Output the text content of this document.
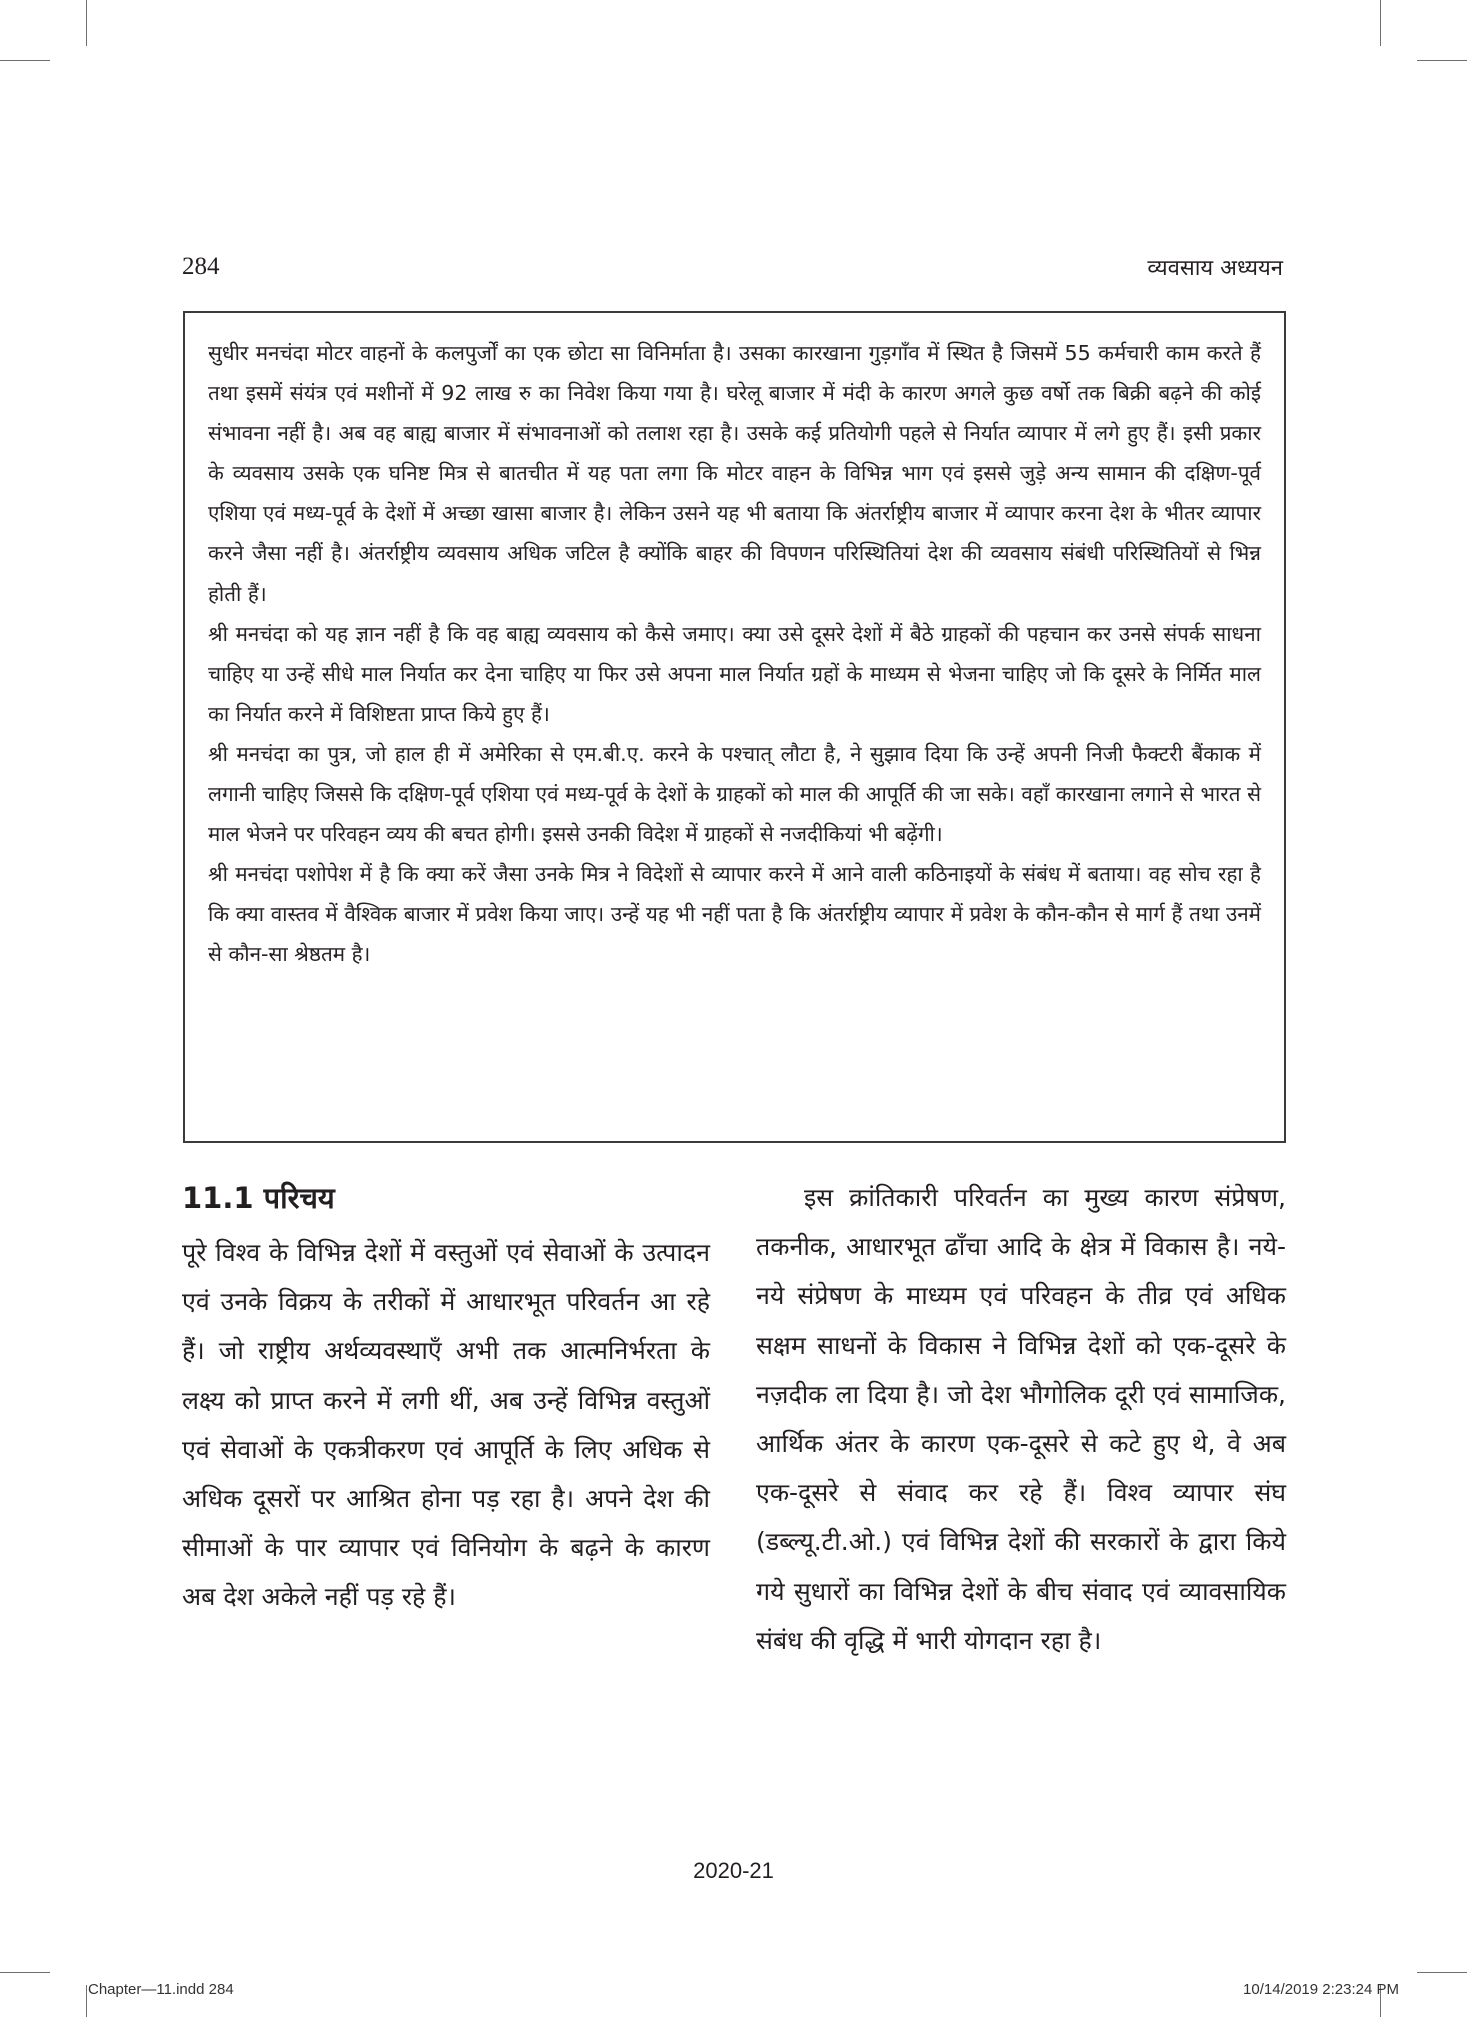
284	व्यवसाय अध्ययन

सुधीर मनचंदा मोटर वाहनों के कलपुर्जों का एक छोटा सा विनिर्माता है। उसका कारखाना गुड़गाँव में स्थित है जिसमें 55 कर्मचारी काम करते हैं तथा इसमें संयंत्र एवं मशीनों में 92 लाख रु का निवेश किया गया है। घरेलू बाजार में मंदी के कारण अगले कुछ वर्षो तक बिक्री बढ़ने की कोई संभावना नहीं है। अब वह बाह्य बाजार में संभावनाओं को तलाश रहा है। उसके कई प्रतियोगी पहले से निर्यात व्यापार में लगे हुए हैं। इसी प्रकार के व्यवसाय उसके एक घनिष्ट मित्र से बातचीत में यह पता लगा कि मोटर वाहन के विभिन्न भाग एवं इससे जुड़े अन्य सामान की दक्षिण-पूर्व एशिया एवं मध्य-पूर्व के देशों में अच्छा खासा बाजार है। लेकिन उसने यह भी बताया कि अंतर्राष्ट्रीय बाजार में व्यापार करना देश के भीतर व्यापार करने जैसा नहीं है। अंतर्राष्ट्रीय व्यवसाय अधिक जटिल है क्योंकि बाहर की विपणन परिस्थितियां देश की व्यवसाय संबंधी परिस्थितियों से भिन्न होती हैं।

श्री मनचंदा को यह ज्ञान नहीं है कि वह बाह्य व्यवसाय को कैसे जमाए। क्या उसे दूसरे देशों में बैठे ग्राहकों की पहचान कर उनसे संपर्क साधना चाहिए या उन्हें सीधे माल निर्यात कर देना चाहिए या फिर उसे अपना माल निर्यात ग्रहों के माध्यम से भेजना चाहिए जो कि दूसरे के निर्मित माल का निर्यात करने में विशिष्टता प्राप्त किये हुए हैं।

श्री मनचंदा का पुत्र, जो हाल ही में अमेरिका से एम.बी.ए. करने के पश्चात् लौटा है, ने सुझाव दिया कि उन्हें अपनी निजी फैक्टरी बैंकाक में लगानी चाहिए जिससे कि दक्षिण-पूर्व एशिया एवं मध्य-पूर्व के देशों के ग्राहकों को माल की आपूर्ति की जा सके। वहाँ कारखाना लगाने से भारत से माल भेजने पर परिवहन व्यय की बचत होगी। इससे उनकी विदेश में ग्राहकों से नजदीकियां भी बढ़ेंगी।

श्री मनचंदा पशोपेश में है कि क्या करें जैसा उनके मित्र ने विदेशों से व्यापार करने में आने वाली कठिनाइयों के संबंध में बताया। वह सोच रहा है कि क्या वास्तव में वैश्विक बाजार में प्रवेश किया जाए। उन्हें यह भी नहीं पता है कि अंतर्राष्ट्रीय व्यापार में प्रवेश के कौन-कौन से मार्ग हैं तथा उनमें से कौन-सा श्रेष्ठतम है।

11.1 परिचय

पूरे विश्व के विभिन्न देशों में वस्तुओं एवं सेवाओं के उत्पादन एवं उनके विक्रय के तरीकों में आधारभूत परिवर्तन आ रहे हैं। जो राष्ट्रीय अर्थव्यवस्थाएँ अभी तक आत्मनिर्भरता के लक्ष्य को प्राप्त करने में लगी थीं, अब उन्हें विभिन्न वस्तुओं एवं सेवाओं के एकत्रीकरण एवं आपूर्ति के लिए अधिक से अधिक दूसरों पर आश्रित होना पड़ रहा है। अपने देश की सीमाओं के पार व्यापार एवं विनियोग के बढ़ने के कारण अब देश अकेले नहीं पड़ रहे हैं।

इस क्रांतिकारी परिवर्तन का मुख्य कारण संप्रेषण, तकनीक, आधारभूत ढाँचा आदि के क्षेत्र में विकास है। नये-नये संप्रेषण के माध्यम एवं परिवहन के तीव्र एवं अधिक सक्षम साधनों के विकास ने विभिन्न देशों को एक-दूसरे के नज़दीक ला दिया है। जो देश भौगोलिक दूरी एवं सामाजिक, आर्थिक अंतर के कारण एक-दूसरे से कटे हुए थे, वे अब एक-दूसरे से संवाद कर रहे हैं। विश्व व्यापार संघ (डब्ल्यू.टी.ओ.) एवं विभिन्न देशों की सरकारों के द्वारा किये गये सुधारों का विभिन्न देशों के बीच संवाद एवं व्यावसायिक संबंध की वृद्धि में भारी योगदान रहा है।

2020-21
Chapter—11.indd 284	10/14/2019 2:23:24 PM
